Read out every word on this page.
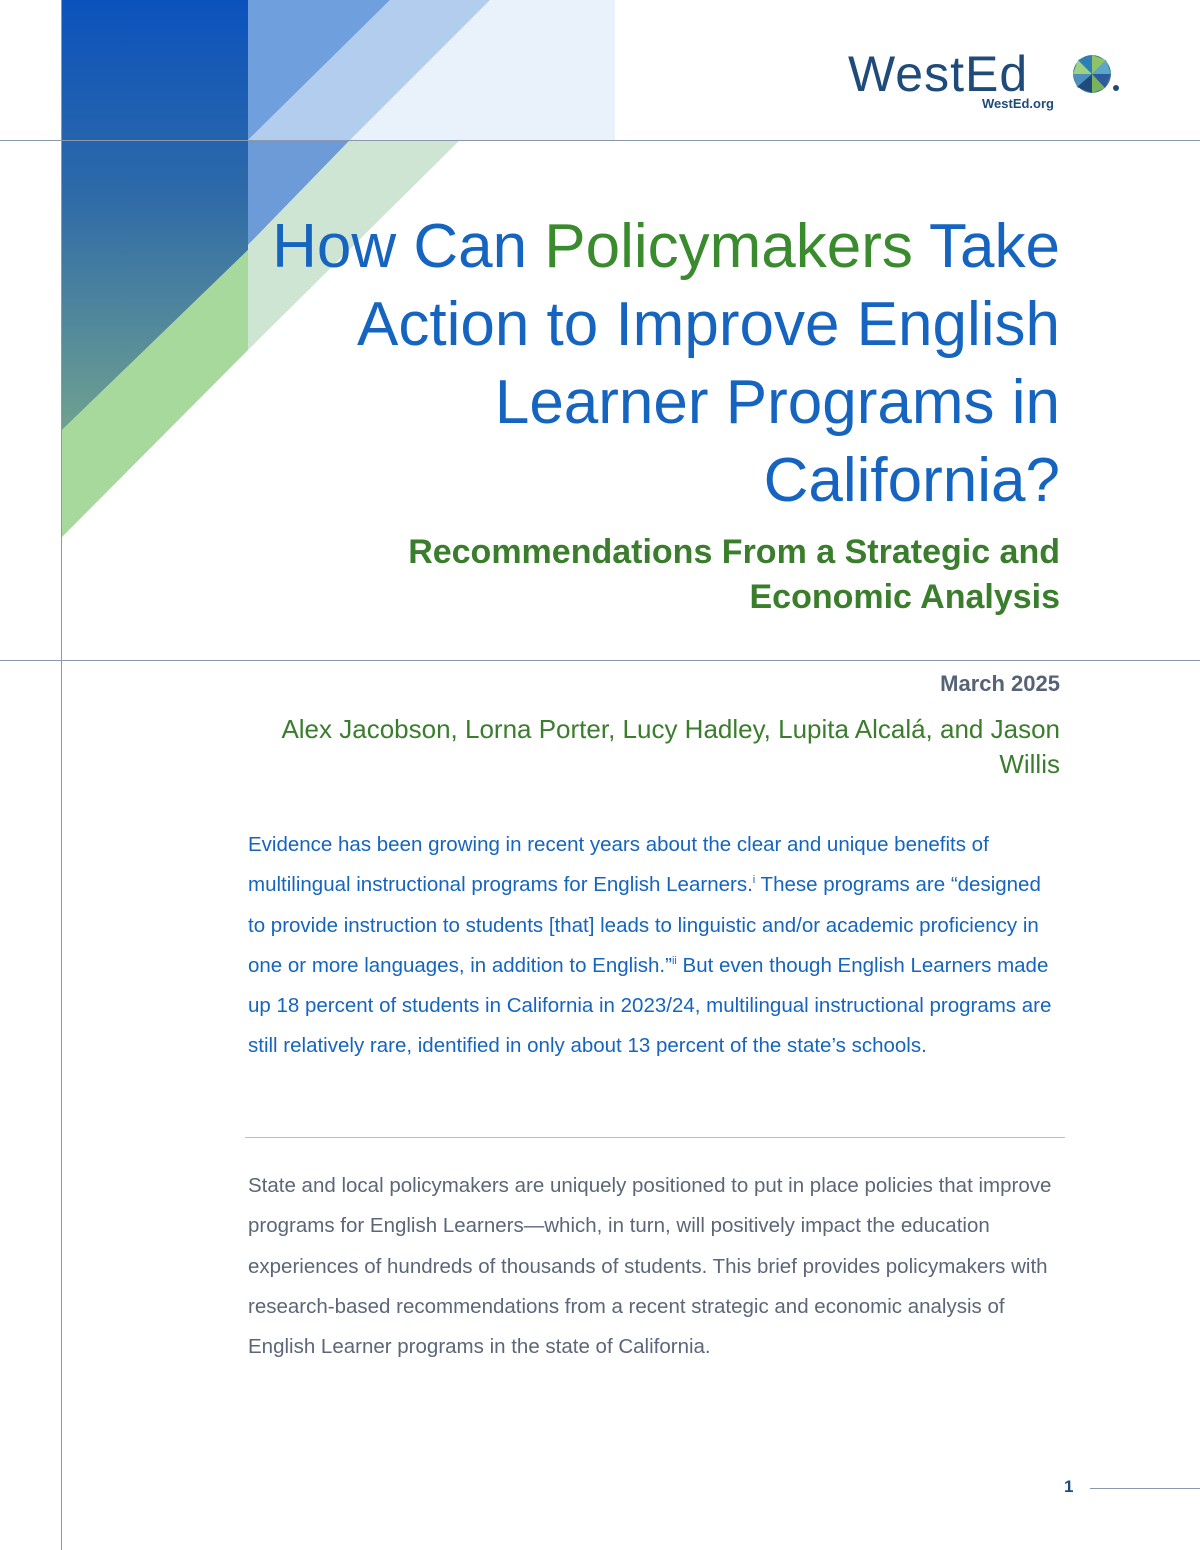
WestEd
WestEd.org
How Can Policymakers Take Action to Improve English Learner Programs in California?
Recommendations From a Strategic and Economic Analysis
March 2025
Alex Jacobson, Lorna Porter, Lucy Hadley, Lupita Alcalá, and Jason Willis

Evidence has been growing in recent years about the clear and unique benefits of multilingual instructional programs for English Learners.$^i$ These programs are “designed to provide instruction to students [that] leads to linguistic and/or academic proficiency in one or more languages, in addition to English.”$^{ii}$ But even though English Learners made up 18 percent of students in California in 2023/24, multilingual instructional programs are still relatively rare, identified in only about 13 percent of the state’s schools.

State and local policymakers are uniquely positioned to put in place policies that improve programs for English Learners—which, in turn, will positively impact the education experiences of hundreds of thousands of students. This brief provides policymakers with research-based recommendations from a recent strategic and economic analysis of English Learner programs in the state of California.

1
